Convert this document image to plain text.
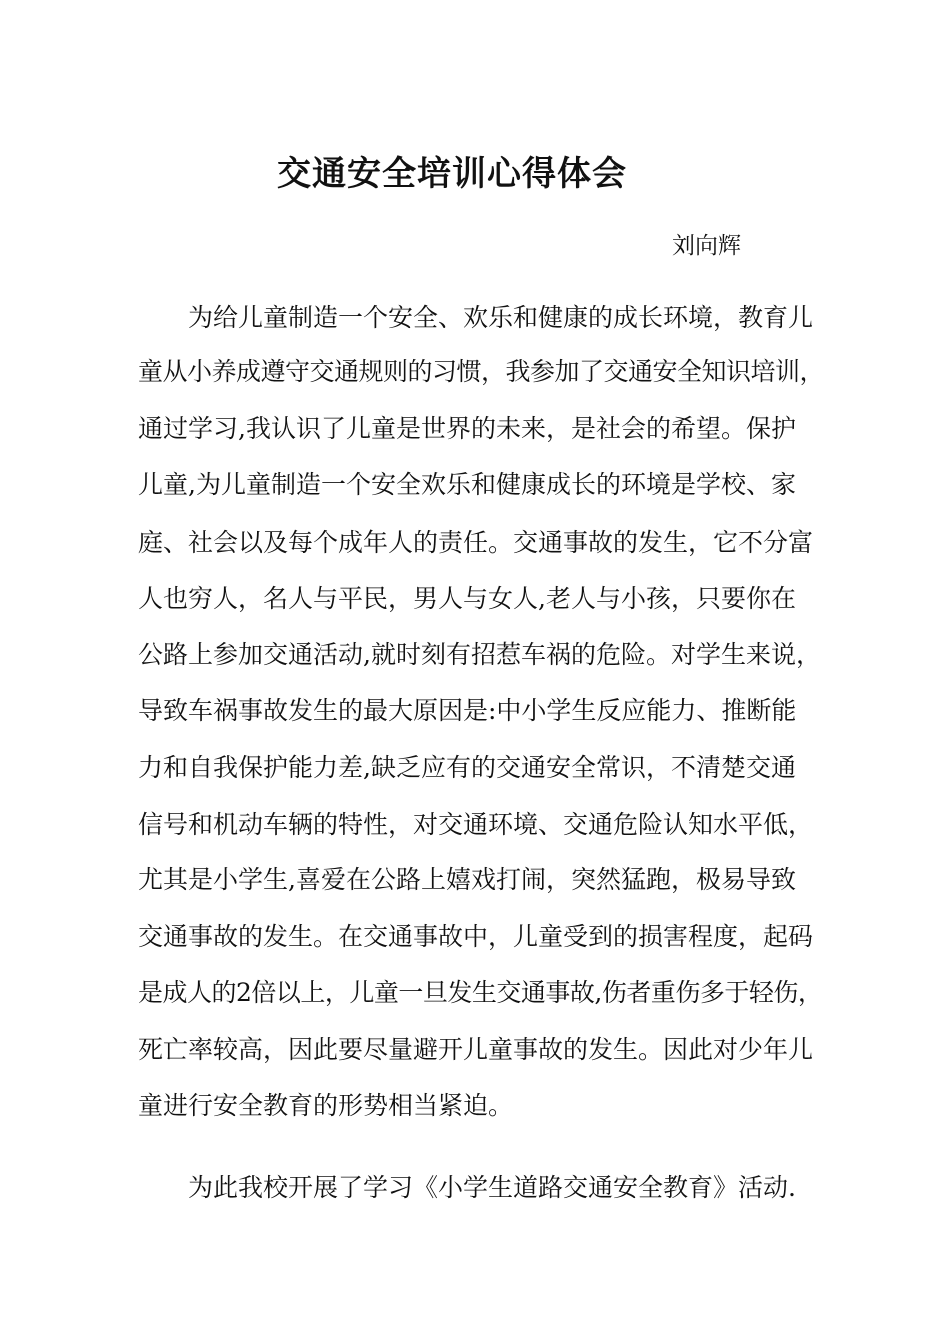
交通安全培训心得体会
刘向辉
为给儿童制造一个安全、欢乐和健康的成长环境，教育儿
童从小养成遵守交通规则的习惯，我参加了交通安全知识培训，
通过学习,我认识了儿童是世界的未来，是社会的希望。保护
儿童,为儿童制造一个安全欢乐和健康成长的环境是学校、家
庭、社会以及每个成年人的责任。交通事故的发生，它不分富
人也穷人，名人与平民，男人与女人,老人与小孩，只要你在
公路上参加交通活动,就时刻有招惹车祸的危险。对学生来说，
导致车祸事故发生的最大原因是:中小学生反应能力、推断能
力和自我保护能力差,缺乏应有的交通安全常识，不清楚交通
信号和机动车辆的特性，对交通环境、交通危险认知水平低，
尤其是小学生,喜爱在公路上嬉戏打闹，突然猛跑，极易导致
交通事故的发生。在交通事故中，儿童受到的损害程度，起码
是成人的2倍以上，儿童一旦发生交通事故,伤者重伤多于轻伤，
死亡率较高，因此要尽量避开儿童事故的发生。因此对少年儿
童进行安全教育的形势相当紧迫。
为此我校开展了学习《小学生道路交通安全教育》活动.
